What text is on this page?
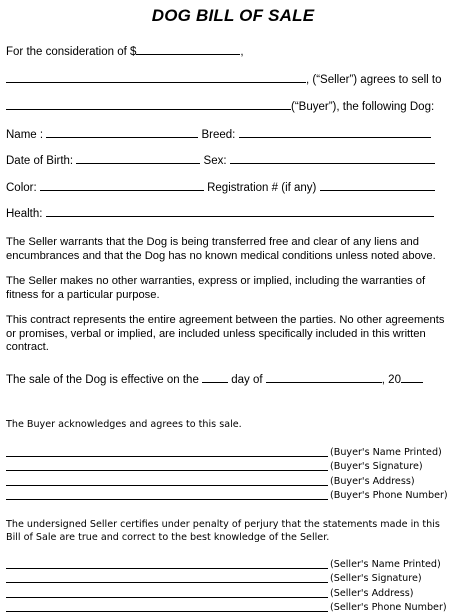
DOG BILL OF SALE
For the consideration of $	,
, (“Seller”) agrees to sell to
(“Buyer”), the following Dog:
Name :	Breed:
Date of Birth:	Sex:
Color:	Registration # (if any)
Health:
The Seller warrants that the Dog is being transferred free and clear of any liens and encumbrances and that the Dog has no known medical conditions unless noted above.
The Seller makes no other warranties, express or implied, including the warranties of fitness for a particular purpose.
This contract represents the entire agreement between the parties. No other agreements or promises, verbal or implied, are included unless specifically included in this written contract.
The sale of the Dog is effective on the	day of	, 20
The Buyer acknowledges and agrees to this sale.
(Buyer's Name Printed)
(Buyer's Signature)
(Buyer's Address)
(Buyer's Phone Number)
The undersigned Seller certifies under penalty of perjury that the statements made in this Bill of Sale are true and correct to the best knowledge of the Seller.
(Seller's Name Printed)
(Seller's Signature)
(Seller's Address)
(Seller's Phone Number)
